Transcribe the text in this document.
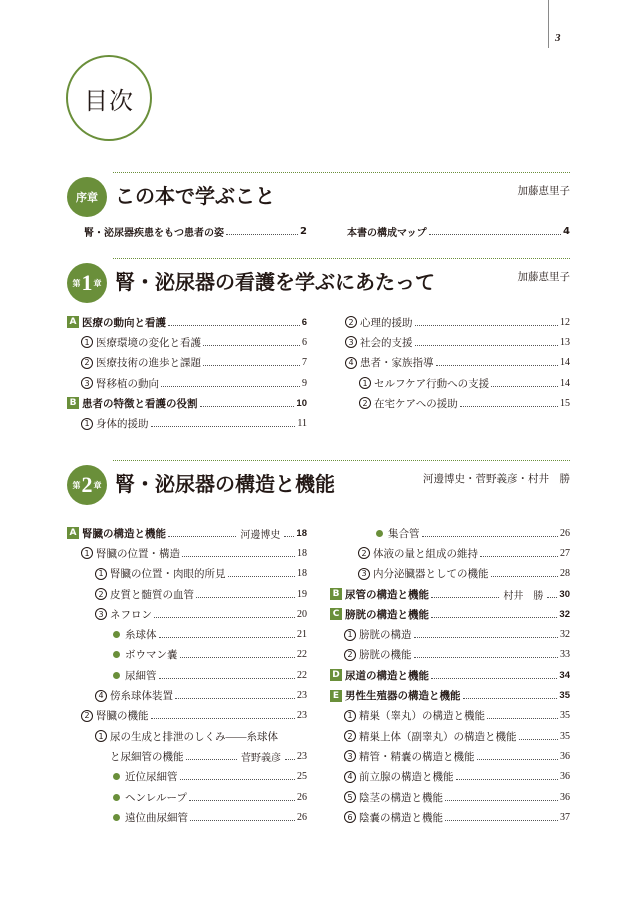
3
目次
序章 この本で学ぶこと	加藤恵里子
腎・泌尿器疾患をもつ患者の姿	2	本書の構成マップ	4
第 1 章 腎・泌尿器の看護を学ぶにあたって	加藤恵里子
A 医療の動向と看護	6
1 医療環境の変化と看護	6
2 医療技術の進歩と課題	7
3 腎移植の動向	9
B 患者の特徴と看護の役割	10
1 身体的援助	11
2 心理的援助	12
3 社会的支援	13
4 患者・家族指導	14
1 セルフケア行動への支援	14
2 在宅ケアへの援助	15
第 2 章 腎・泌尿器の構造と機能	河邊博史・菅野義彦・村井　勝
A 腎臓の構造と機能	河邊博史 18
1 腎臓の位置・構造	18
1 腎臓の位置・肉眼的所見	18
2 皮質と髄質の血管	19
3 ネフロン	20
糸球体	21
ボウマン嚢	22
尿細管	22
4 傍糸球体装置	23
2 腎臓の機能	23
1 尿の生成と排泄のしくみ――糸球体
と尿細管の機能	菅野義彦 23
近位尿細管	25
ヘンレループ	26
遠位曲尿細管	26
集合管	26
2 体液の量と組成の維持	27
3 内分泌臓器としての機能	28
B 尿管の構造と機能	村井　勝 30
C 膀胱の構造と機能	32
1 膀胱の構造	32
2 膀胱の機能	33
D 尿道の構造と機能	34
E 男性生殖器の構造と機能	35
1 精巣（睾丸）の構造と機能	35
2 精巣上体（副睾丸）の構造と機能	35
3 精管・精嚢の構造と機能	36
4 前立腺の構造と機能	36
5 陰茎の構造と機能	36
6 陰嚢の構造と機能	37
